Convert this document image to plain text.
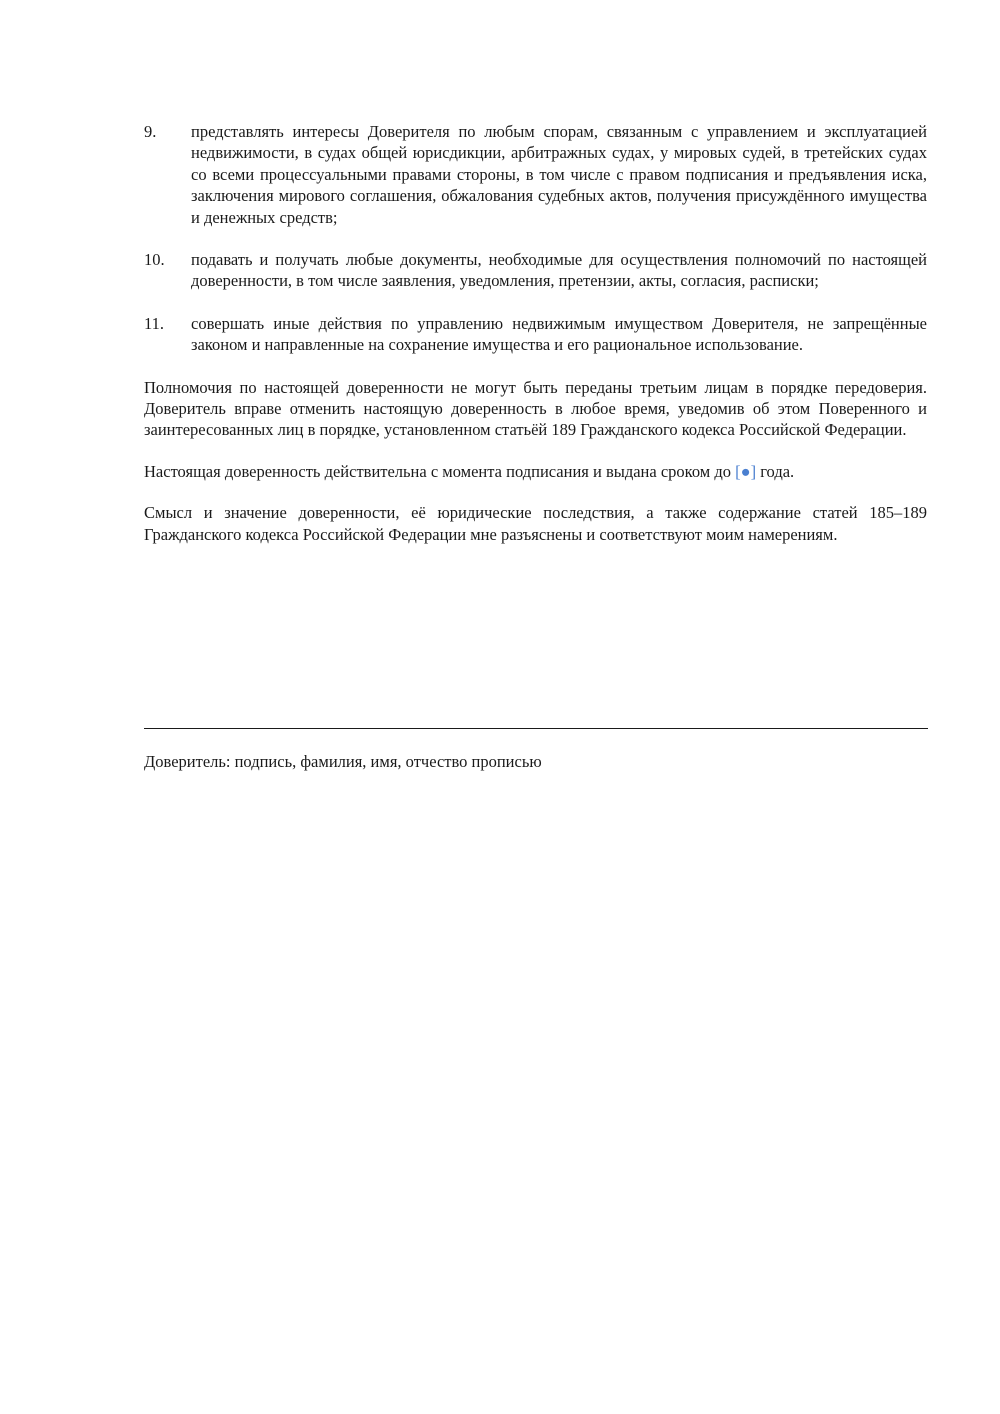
9.	представлять интересы Доверителя по любым спорам, связанным с управлением и эксплуатацией недвижимости, в судах общей юрисдикции, арбитражных судах, у мировых судей, в третейских судах со всеми процессуальными правами стороны, в том числе с правом подписания и предъявления иска, заключения мирового соглашения, обжалования судебных актов, получения присуждённого имущества и денежных средств;
10.	подавать и получать любые документы, необходимые для осуществления полномочий по настоящей доверенности, в том числе заявления, уведомления, претензии, акты, согласия, расписки;
11.	совершать иные действия по управлению недвижимым имуществом Доверителя, не запрещённые законом и направленные на сохранение имущества и его рациональное использование.

Полномочия по настоящей доверенности не могут быть переданы третьим лицам в порядке передоверия. Доверитель вправе отменить настоящую доверенность в любое время, уведомив об этом Поверенного и заинтересованных лиц в порядке, установленном статьёй 189 Гражданского кодекса Российской Федерации.

Настоящая доверенность действительна с момента подписания и выдана сроком до [●] года.

Смысл и значение доверенности, её юридические последствия, а также содержание статей 185–189 Гражданского кодекса Российской Федерации мне разъяснены и соответствуют моим намерениям.

Доверитель: подпись, фамилия, имя, отчество прописью
